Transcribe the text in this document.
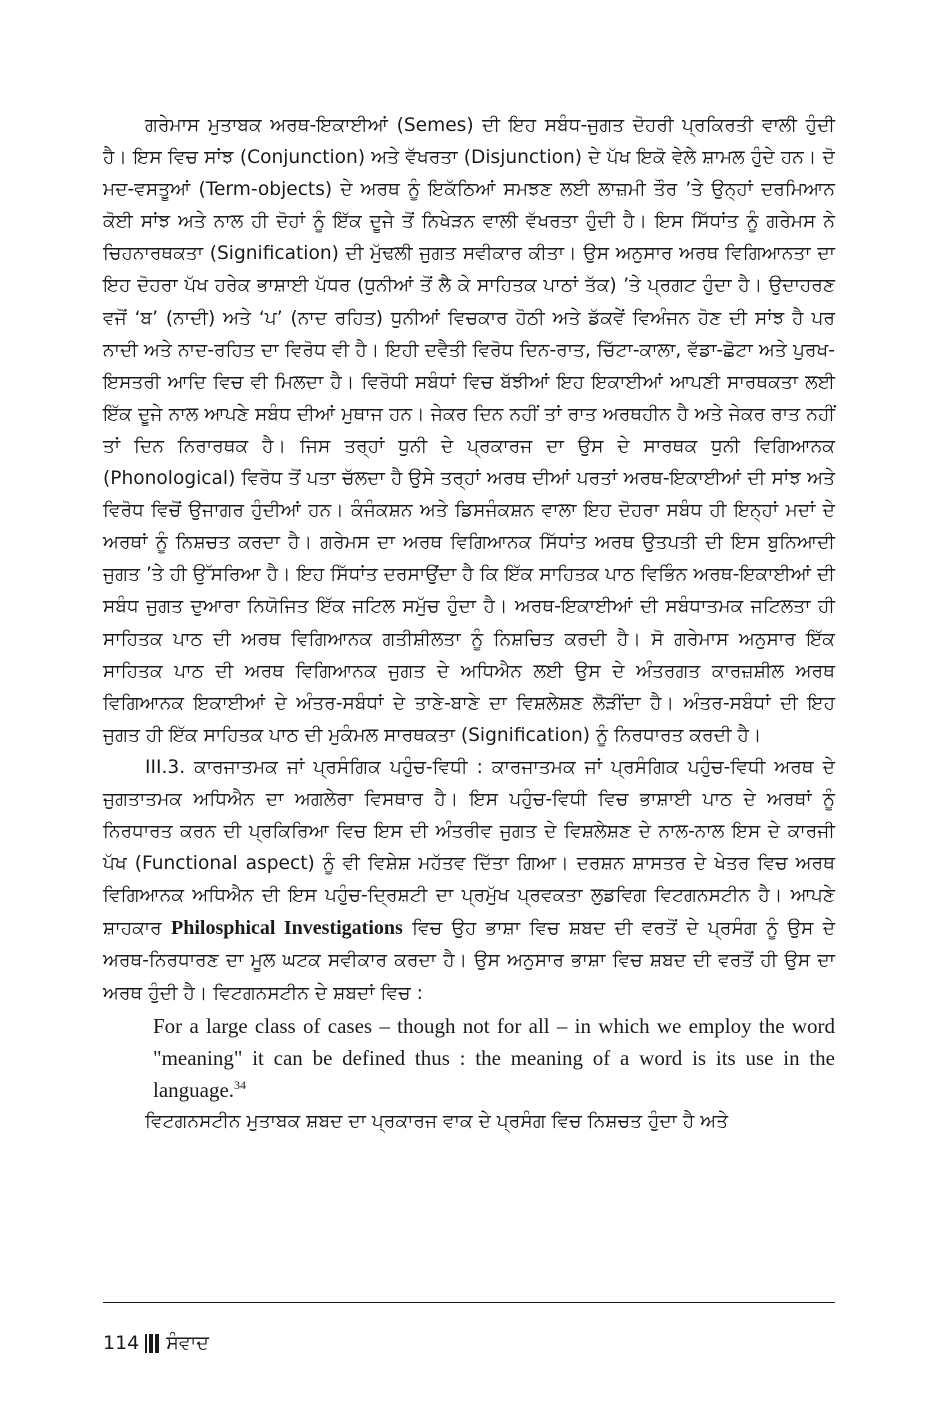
ਗਰੇਮਾਸ ਮੁਤਾਬਕ ਅਰਥ-ਇਕਾਈਆਂ (Semes) ਦੀ ਇਹ ਸਬੰਧ-ਜੁਗਤ ਦੋਹਰੀ ਪ੍ਰਕਿਰਤੀ ਵਾਲੀ ਹੁੰਦੀ ਹੈ। ਇਸ ਵਿਚ ਸਾਂਝ (Conjunction) ਅਤੇ ਵੱਖਰਤਾ (Disjunction) ਦੇ ਪੱਖ ਇਕੋ ਵੇਲੇ ਸ਼ਾਮਲ ਹੁੰਦੇ ਹਨ। ਦੋ ਮਦ-ਵਸਤੂਆਂ (Term-objects) ਦੇ ਅਰਥ ਨੂੰ ਇਕੱਠਿਆਂ ਸਮਝਣ ਲਈ ਲਾਜ਼ਮੀ ਤੌਰ ’ਤੇ ਉਨ੍ਹਾਂ ਦਰਮਿਆਨ ਕੋਈ ਸਾਂਝ ਅਤੇ ਨਾਲ ਹੀ ਦੋਹਾਂ ਨੂੰ ਇੱਕ ਦੂਜੇ ਤੋਂ ਨਿਖੇੜਨ ਵਾਲੀ ਵੱਖਰਤਾ ਹੁੰਦੀ ਹੈ। ਇਸ ਸਿੱਧਾਂਤ ਨੂੰ ਗਰੇਮਸ ਨੇ ਚਿਹਨਾਰਥਕਤਾ (Signification) ਦੀ ਮੁੱਢਲੀ ਜੁਗਤ ਸਵੀਕਾਰ ਕੀਤਾ। ਉਸ ਅਨੁਸਾਰ ਅਰਥ ਵਿਗਿਆਨਤਾ ਦਾ ਇਹ ਦੋਹਰਾ ਪੱਖ ਹਰੇਕ ਭਾਸ਼ਾਈ ਪੱਧਰ (ਧੁਨੀਆਂ ਤੋਂ ਲੈ ਕੇ ਸਾਹਿਤਕ ਪਾਠਾਂ ਤੱਕ) ’ਤੇ ਪ੍ਰਗਟ ਹੁੰਦਾ ਹੈ। ਉਦਾਹਰਣ ਵਜੋਂ ‘ਬ’ (ਨਾਦੀ) ਅਤੇ ‘ਪ’ (ਨਾਦ ਰਹਿਤ) ਧੁਨੀਆਂ ਵਿਚਕਾਰ ਹੋਠੀ ਅਤੇ ਡੱਕਵੇਂ ਵਿਅੰਜਨ ਹੋਣ ਦੀ ਸਾਂਝ ਹੈ ਪਰ ਨਾਦੀ ਅਤੇ ਨਾਦ-ਰਹਿਤ ਦਾ ਵਿਰੋਧ ਵੀ ਹੈ। ਇਹੀ ਦਵੈਤੀ ਵਿਰੋਧ ਦਿਨ-ਰਾਤ, ਚਿੱਟਾ-ਕਾਲਾ, ਵੱਡਾ-ਛੋਟਾ ਅਤੇ ਪੁਰਖ-ਇਸਤਰੀ ਆਦਿ ਵਿਚ ਵੀ ਮਿਲਦਾ ਹੈ। ਵਿਰੋਧੀ ਸਬੰਧਾਂ ਵਿਚ ਬੱਝੀਆਂ ਇਹ ਇਕਾਈਆਂ ਆਪਣੀ ਸਾਰਥਕਤਾ ਲਈ ਇੱਕ ਦੂਜੇ ਨਾਲ ਆਪਣੇ ਸਬੰਧ ਦੀਆਂ ਮੁਥਾਜ ਹਨ। ਜੇਕਰ ਦਿਨ ਨਹੀਂ ਤਾਂ ਰਾਤ ਅਰਥਹੀਨ ਹੈ ਅਤੇ ਜੇਕਰ ਰਾਤ ਨਹੀਂ ਤਾਂ ਦਿਨ ਨਿਰਾਰਥਕ ਹੈ। ਜਿਸ ਤਰ੍ਹਾਂ ਧੁਨੀ ਦੇ ਪ੍ਰਕਾਰਜ ਦਾ ਉਸ ਦੇ ਸਾਰਥਕ ਧੁਨੀ ਵਿਗਿਆਨਕ (Phonological) ਵਿਰੋਧ ਤੋਂ ਪਤਾ ਚੱਲਦਾ ਹੈ ਉਸੇ ਤਰ੍ਹਾਂ ਅਰਥ ਦੀਆਂ ਪਰਤਾਂ ਅਰਥ-ਇਕਾਈਆਂ ਦੀ ਸਾਂਝ ਅਤੇ ਵਿਰੋਧ ਵਿਚੋਂ ਉਜਾਗਰ ਹੁੰਦੀਆਂ ਹਨ। ਕੰਜੰਕਸ਼ਨ ਅਤੇ ਡਿਸਜੰਕਸ਼ਨ ਵਾਲਾ ਇਹ ਦੋਹਰਾ ਸਬੰਧ ਹੀ ਇਨ੍ਹਾਂ ਮਦਾਂ ਦੇ ਅਰਥਾਂ ਨੂੰ ਨਿਸ਼ਚਤ ਕਰਦਾ ਹੈ। ਗਰੇਮਸ ਦਾ ਅਰਥ ਵਿਗਿਆਨਕ ਸਿੱਧਾਂਤ ਅਰਥ ਉਤਪਤੀ ਦੀ ਇਸ ਬੁਨਿਆਦੀ ਜੁਗਤ ’ਤੇ ਹੀ ਉੱਸਰਿਆ ਹੈ। ਇਹ ਸਿੱਧਾਂਤ ਦਰਸਾਉਂਦਾ ਹੈ ਕਿ ਇੱਕ ਸਾਹਿਤਕ ਪਾਠ ਵਿਭਿੰਨ ਅਰਥ-ਇਕਾਈਆਂ ਦੀ ਸਬੰਧ ਜੁਗਤ ਦੁਆਰਾ ਨਿਯੋਜਿਤ ਇੱਕ ਜਟਿਲ ਸਮੁੱਚ ਹੁੰਦਾ ਹੈ। ਅਰਥ-ਇਕਾਈਆਂ ਦੀ ਸਬੰਧਾਤਮਕ ਜਟਿਲਤਾ ਹੀ ਸਾਹਿਤਕ ਪਾਠ ਦੀ ਅਰਥ ਵਿਗਿਆਨਕ ਗਤੀਸ਼ੀਲਤਾ ਨੂੰ ਨਿਸ਼ਚਿਤ ਕਰਦੀ ਹੈ। ਸੋ ਗਰੇਮਾਸ ਅਨੁਸਾਰ ਇੱਕ ਸਾਹਿਤਕ ਪਾਠ ਦੀ ਅਰਥ ਵਿਗਿਆਨਕ ਜੁਗਤ ਦੇ ਅਧਿਐਨ ਲਈ ਉਸ ਦੇ ਅੰਤਰਗਤ ਕਾਰਜ਼ਸ਼ੀਲ ਅਰਥ ਵਿਗਿਆਨਕ ਇਕਾਈਆਂ ਦੇ ਅੰਤਰ-ਸਬੰਧਾਂ ਦੇ ਤਾਣੇ-ਬਾਣੇ ਦਾ ਵਿਸ਼ਲੇਸ਼ਣ ਲੋੜੀਂਦਾ ਹੈ। ਅੰਤਰ-ਸਬੰਧਾਂ ਦੀ ਇਹ ਜੁਗਤ ਹੀ ਇੱਕ ਸਾਹਿਤਕ ਪਾਠ ਦੀ ਮੁਕੰਮਲ ਸਾਰਥਕਤਾ (Signification) ਨੂੰ ਨਿਰਧਾਰਤ ਕਰਦੀ ਹੈ।

III.3. ਕਾਰਜਾਤਮਕ ਜਾਂ ਪ੍ਰਸੰਗਿਕ ਪਹੁੰਚ-ਵਿਧੀ : ਕਾਰਜਾਤਮਕ ਜਾਂ ਪ੍ਰਸੰਗਿਕ ਪਹੁੰਚ-ਵਿਧੀ ਅਰਥ ਦੇ ਜੁਗਤਾਤਮਕ ਅਧਿਐਨ ਦਾ ਅਗਲੇਰਾ ਵਿਸਥਾਰ ਹੈ। ਇਸ ਪਹੁੰਚ-ਵਿਧੀ ਵਿਚ ਭਾਸ਼ਾਈ ਪਾਠ ਦੇ ਅਰਥਾਂ ਨੂੰ ਨਿਰਧਾਰਤ ਕਰਨ ਦੀ ਪ੍ਰਕਿਰਿਆ ਵਿਚ ਇਸ ਦੀ ਅੰਤਰੀਵ ਜੁਗਤ ਦੇ ਵਿਸ਼ਲੇਸ਼ਣ ਦੇ ਨਾਲ-ਨਾਲ ਇਸ ਦੇ ਕਾਰਜੀ ਪੱਖ (Functional aspect) ਨੂੰ ਵੀ ਵਿਸ਼ੇਸ਼ ਮਹੱਤਵ ਦਿੱਤਾ ਗਿਆ। ਦਰਸ਼ਨ ਸ਼ਾਸਤਰ ਦੇ ਖੇਤਰ ਵਿਚ ਅਰਥ ਵਿਗਿਆਨਕ ਅਧਿਐਨ ਦੀ ਇਸ ਪਹੁੰਚ-ਦ੍ਰਿਸ਼ਟੀ ਦਾ ਪ੍ਰਮੁੱਖ ਪ੍ਰਵਕਤਾ ਲੁਡਵਿਗ ਵਿਟਗਨਸਟੀਨ ਹੈ। ਆਪਣੇ ਸ਼ਾਹਕਾਰ Philosphical Investigations ਵਿਚ ਉਹ ਭਾਸ਼ਾ ਵਿਚ ਸ਼ਬਦ ਦੀ ਵਰਤੋਂ ਦੇ ਪ੍ਰਸੰਗ ਨੂੰ ਉਸ ਦੇ ਅਰਥ-ਨਿਰਧਾਰਣ ਦਾ ਮੂਲ ਘਟਕ ਸਵੀਕਾਰ ਕਰਦਾ ਹੈ। ਉਸ ਅਨੁਸਾਰ ਭਾਸ਼ਾ ਵਿਚ ਸ਼ਬਦ ਦੀ ਵਰਤੋਂ ਹੀ ਉਸ ਦਾ ਅਰਥ ਹੁੰਦੀ ਹੈ। ਵਿਟਗਨਸਟੀਨ ਦੇ ਸ਼ਬਦਾਂ ਵਿਚ :

For a large class of cases – though not for all – in which we employ the word "meaning" it can be defined thus : the meaning of a word is its use in the language.$^{34}$

ਵਿਟਗਨਸਟੀਨ ਮੁਤਾਬਕ ਸ਼ਬਦ ਦਾ ਪ੍ਰਕਾਰਜ ਵਾਕ ਦੇ ਪ੍ਰਸੰਗ ਵਿਚ ਨਿਸ਼ਚਤ ਹੁੰਦਾ ਹੈ ਅਤੇ

114 ਸੰਵਾਦ
